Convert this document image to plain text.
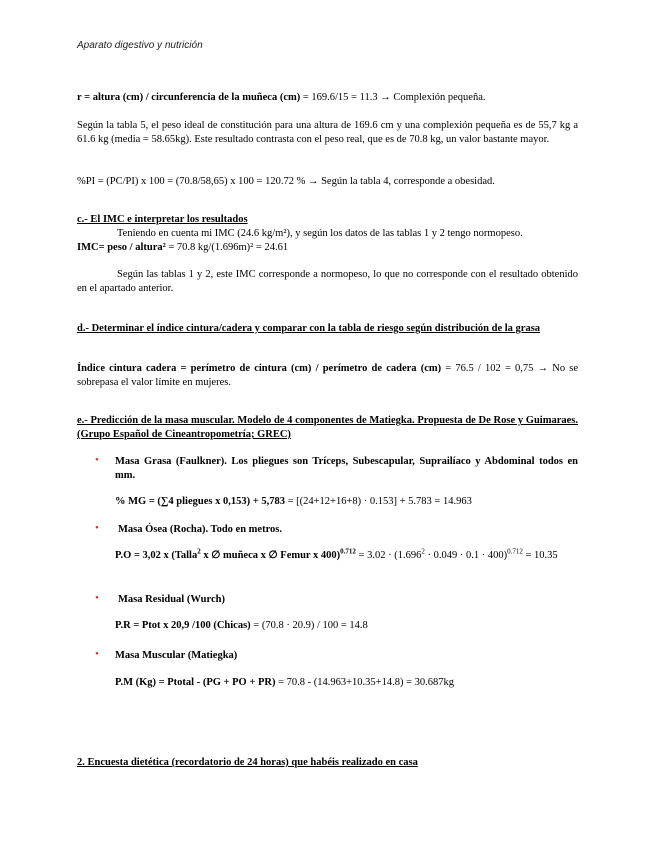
Aparato digestivo y nutrición
r = altura (cm) / circunferencia de la muñeca (cm) = 169.6/15 = 11.3 → Complexión pequeña.
Según la tabla 5, el peso ideal de constitución para una altura de 169.6 cm y una complexión pequeña es de 55,7 kg a 61.6 kg (media = 58.65kg). Este resultado contrasta con el peso real, que es de 70.8 kg, un valor bastante mayor.
%PI = (PC/PI) x 100 = (70.8/58,65) x 100 = 120.72 % → Según la tabla 4, corresponde a obesidad.
c.- El IMC e interpretar los resultados
Teniendo en cuenta mi IMC (24.6 kg/m²), y según los datos de las tablas 1 y 2 tengo normopeso.
IMC= peso / altura² = 70.8 kg/(1.696m)² = 24.61
Según las tablas 1 y 2, este IMC corresponde a normopeso, lo que no corresponde con el resultado obtenido en el apartado anterior.
d.- Determinar el índice cintura/cadera y comparar con la tabla de riesgo según distribución de la grasa
Índice cintura cadera = perímetro de cintura (cm) / perímetro de cadera (cm) = 76.5 / 102 = 0,75 → No se sobrepasa el valor límite en mujeres.
e.- Predicción de la masa muscular. Modelo de 4 componentes de Matiegka. Propuesta de De Rose y Guimaraes. (Grupo Español de Cineantropometría; GREC)
• Masa Grasa (Faulkner). Los pliegues son Tríceps, Subescapular, Suprailíaco y Abdominal todos en mm.
% MG = (∑4 pliegues x 0,153) + 5,783 = [(24+12+16+8) · 0.153] + 5.783 = 14.963
• Masa Ósea (Rocha). Todo en metros.
P.O = 3,02 x (Talla$^2$ x ∅ muñeca x ∅ Femur x $400)^{0.712} = 3.02 \cdot (1.696^2 \cdot 0.049 \cdot 0.1 \cdot 400)^{0.712} = 10.35$
• Masa Residual (Wurch)
P.R = Ptot x 20,9 /100 (Chicas) = (70.8 · 20.9) / 100 = 14.8
• Masa Muscular (Matiegka)
P.M (Kg) = Ptotal - (PG + PO + PR) = 70.8 - (14.963+10.35+14.8) = 30.687kg
2. Encuesta dietética (recordatorio de 24 horas) que habéis realizado en casa
